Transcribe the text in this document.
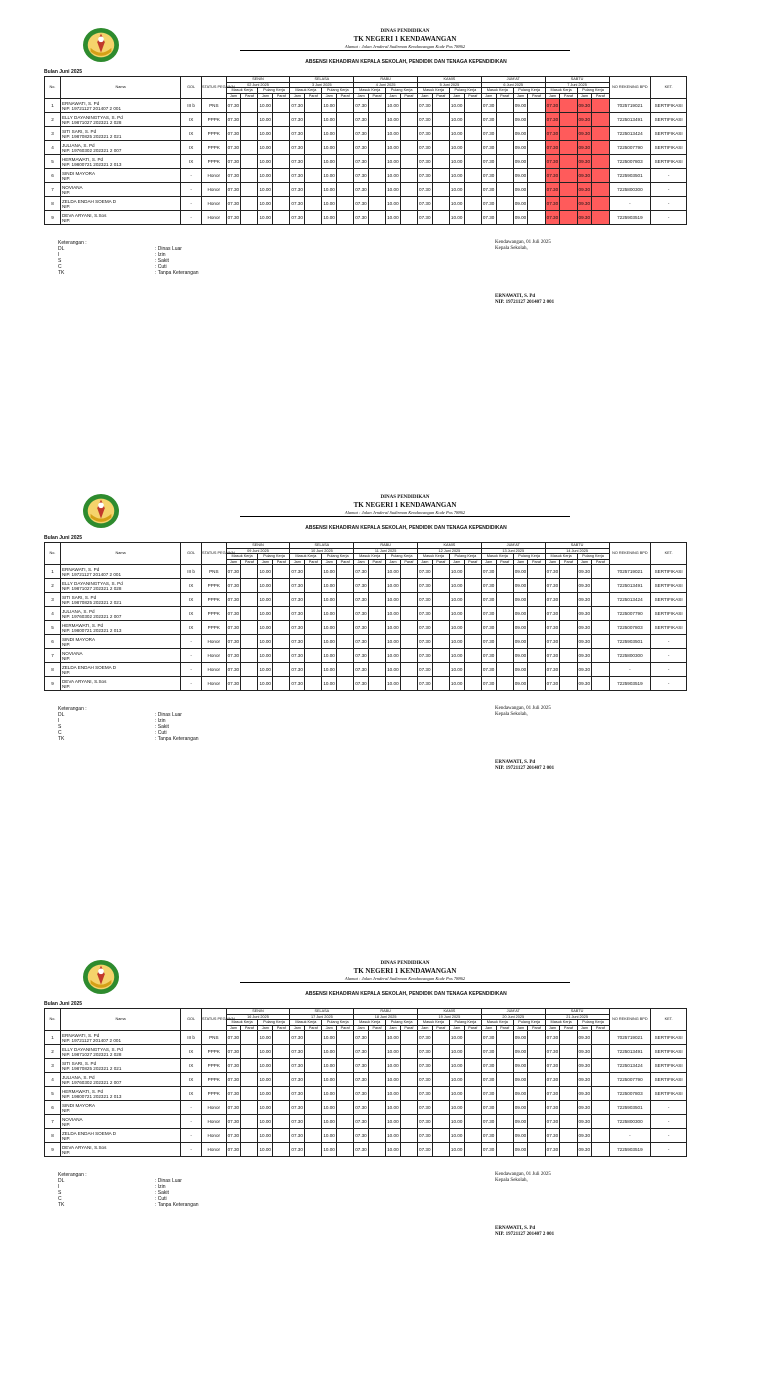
DINAS PENDIDIKAN
TK NEGERI 1 KENDAWANGAN
Alamat : Jalan Jenderal Sudirman Kendawangan Kode Pos 78862
ABSENSI KEHADIRAN KEPALA SEKOLAH, PENDIDIK DAN TENAGA KEPENDIDIKAN
Bulan Juni 2025
No.	Nama	GOL	STATUS PEGAWAI	SENIN				SELASA				RABU				KAMIS				JUM'AT				SABTU				NO REKENING BPD	KET.
				02 Juni 2025				3 Juni 2025				4 Juni 2025				5 Juni 2025				6 Juni 2025				7 Juni 2025					
				Masuk Kerja		Pulang Kerja		Masuk Kerja		Pulang Kerja		Masuk Kerja		Pulang Kerja		Masuk Kerja		Pulang Kerja		Masuk Kerja		Pulang Kerja		Masuk Kerja		Pulang Kerja			
				Jam	Paraf	Jam	Paraf	Jam	Paraf	Jam	Paraf	Jam	Paraf	Jam	Paraf	Jam	Paraf	Jam	Paraf	Jam	Paraf	Jam	Paraf	Jam	Paraf	Jam	Paraf		
1	ERNAWATI, S. Pd
NIP. 19721127 201407 2 001	III b	PNS	07.30		10.00		07.30		10.00		07.30		10.00		07.30		10.00		07.30		09.00		07.30		09.30		7025719021	SERTIFIKASI
2	ELLY DAYANINGTYAS, S. Pd
NIP. 19871027 202321 2 028	IX	PPPK	07.30		10.00		07.30		10.00		07.30		10.00		07.30		10.00		07.30		09.00		07.30		09.30		7225013491	SERTIFIKASI
3	SITI SARI, S. Pd
NIP. 19870825 202321 2 021	IX	PPPK	07.30		10.00		07.30		10.00		07.30		10.00		07.30		10.00		07.30		09.00		07.30		09.30		7225013424	SERTIFIKASI
4	JULIANA, S. Pd
NIP. 19760302 202321 2 007	IX	PPPK	07.30		10.00		07.30		10.00		07.30		10.00		07.30		10.00		07.30		09.00		07.30		09.30		7225007790	SERTIFIKASI
5	HERMAWATI, S. Pd
NIP. 19800721 202321 2 013	IX	PPPK	07.30		10.00		07.30		10.00		07.30		10.00		07.30		10.00		07.30		09.00		07.30		09.30		7225007803	SERTIFIKASI
6	SINDI MAYORA
NIP.	-	Honor	07.30		10.00		07.30		10.00		07.30		10.00		07.30		10.00		07.30		09.00		07.30		09.30		7225903501	-
7	NOVIANA
NIP.	-	Honor	07.30		10.00		07.30		10.00		07.30		10.00		07.30		10.00		07.30		09.00		07.30		09.30		7225800300	-
8	ZELDA ENDAH SOEMA D
NIP.	-	Honor	07.30		10.00		07.30		10.00		07.30		10.00		07.30		10.00		07.30		09.00		07.30		09.30		-	-
9	DEVA ARYANI, S.Sos
NIP.	-	Honor	07.30		10.00		07.30		10.00		07.30		10.00		07.30		10.00		07.30		09.00		07.30		09.30		7225903519	-
Keterangan :
DL	: Dinas Luar
I	: Izin
S	: Sakit
C	: Cuti
TK	: Tanpa Keterangan
Kendawangan, 01 Juli 2025
Kepala Sekolah,
ERNAWATI, S. Pd
NIP. 19721127 201407 2 001
DINAS PENDIDIKAN
TK NEGERI 1 KENDAWANGAN
Alamat : Jalan Jenderal Sudirman Kendawangan Kode Pos 78862
ABSENSI KEHADIRAN KEPALA SEKOLAH, PENDIDIK DAN TENAGA KEPENDIDIKAN
Bulan Juni 2025
No.	Nama	GOL	STATUS PEGAWAI	SENIN				SELASA				RABU				KAMIS				JUM'AT				SABTU				NO REKENING BPD	KET.
				09 Juni 2025				10 Juni 2025				11 Juni 2025				12 Juni 2025				13 Juni 2025				14 Juni 2025					
				Masuk Kerja		Pulang Kerja		Masuk Kerja		Pulang Kerja		Masuk Kerja		Pulang Kerja		Masuk Kerja		Pulang Kerja		Masuk Kerja		Pulang Kerja		Masuk Kerja		Pulang Kerja			
				Jam	Paraf	Jam	Paraf	Jam	Paraf	Jam	Paraf	Jam	Paraf	Jam	Paraf	Jam	Paraf	Jam	Paraf	Jam	Paraf	Jam	Paraf	Jam	Paraf	Jam	Paraf		
1	ERNAWATI, S. Pd
NIP. 19721127 201407 2 001	III b	PNS	07.30		10.00		07.30		10.00		07.30		10.00		07.30		10.00		07.30		09.00		07.30		09.30		7025719021	SERTIFIKASI
2	ELLY DAYANINGTYAS, S. Pd
NIP. 19871027 202321 2 028	IX	PPPK	07.30		10.00		07.30		10.00		07.30		10.00		07.30		10.00		07.30		09.00		07.30		09.30		7225013491	SERTIFIKASI
3	SITI SARI, S. Pd
NIP. 19870825 202321 2 021	IX	PPPK	07.30		10.00		07.30		10.00		07.30		10.00		07.30		10.00		07.30		09.00		07.30		09.30		7225013424	SERTIFIKASI
4	JULIANA, S. Pd
NIP. 19760302 202321 2 007	IX	PPPK	07.30		10.00		07.30		10.00		07.30		10.00		07.30		10.00		07.30		09.00		07.30		09.30		7225007790	SERTIFIKASI
5	HERMAWATI, S. Pd
NIP. 19800721 202321 2 013	IX	PPPK	07.30		10.00		07.30		10.00		07.30		10.00		07.30		10.00		07.30		09.00		07.30		09.30		7225007803	SERTIFIKASI
6	SINDI MAYORA
NIP.	-	Honor	07.30		10.00		07.30		10.00		07.30		10.00		07.30		10.00		07.30		09.00		07.30		09.30		7225903501	-
7	NOVIANA
NIP.	-	Honor	07.30		10.00		07.30		10.00		07.30		10.00		07.30		10.00		07.30		09.00		07.30		09.30		7225800300	-
8	ZELDA ENDAH SOEMA D
NIP.	-	Honor	07.30		10.00		07.30		10.00		07.30		10.00		07.30		10.00		07.30		09.00		07.30		09.30		-	-
9	DEVA ARYANI, S.Sos
NIP.	-	Honor	07.30		10.00		07.30		10.00		07.30		10.00		07.30		10.00		07.30		09.00		07.30		09.30		7225903519	-
Keterangan :
DL	: Dinas Luar
I	: Izin
S	: Sakit
C	: Cuti
TK	: Tanpa Keterangan
Kendawangan, 01 Juli 2025
Kepala Sekolah,
ERNAWATI, S. Pd
NIP. 19721127 201407 2 001
DINAS PENDIDIKAN
TK NEGERI 1 KENDAWANGAN
Alamat : Jalan Jenderal Sudirman Kendawangan Kode Pos 78862
ABSENSI KEHADIRAN KEPALA SEKOLAH, PENDIDIK DAN TENAGA KEPENDIDIKAN
Bulan Juni 2025
No.	Nama	GOL	STATUS PEGAWAI	SENIN				SELASA				RABU				KAMIS				JUM'AT				SABTU				NO REKENING BPD	KET.
				16 Juni 2025				17 Juni 2025				18 Juni 2025				19 Juni 2025				20 Juni 2025				21 Juni 2025					
				Masuk Kerja		Pulang Kerja		Masuk Kerja		Pulang Kerja		Masuk Kerja		Pulang Kerja		Masuk Kerja		Pulang Kerja		Masuk Kerja		Pulang Kerja		Masuk Kerja		Pulang Kerja			
				Jam	Paraf	Jam	Paraf	Jam	Paraf	Jam	Paraf	Jam	Paraf	Jam	Paraf	Jam	Paraf	Jam	Paraf	Jam	Paraf	Jam	Paraf	Jam	Paraf	Jam	Paraf		
1	ERNAWATI, S. Pd
NIP. 19721127 201407 2 001	III b	PNS	07.30		10.00		07.30		10.00		07.30		10.00		07.30		10.00		07.30		09.00		07.30		09.30		7025719021	SERTIFIKASI
2	ELLY DAYANINGTYAS, S. Pd
NIP. 19871027 202321 2 028	IX	PPPK	07.30		10.00		07.30		10.00		07.30		10.00		07.30		10.00		07.30		09.00		07.30		09.30		7225013491	SERTIFIKASI
3	SITI SARI, S. Pd
NIP. 19870825 202321 2 021	IX	PPPK	07.30		10.00		07.30		10.00		07.30		10.00		07.30		10.00		07.30		09.00		07.30		09.30		7225013424	SERTIFIKASI
4	JULIANA, S. Pd
NIP. 19760302 202321 2 007	IX	PPPK	07.30		10.00		07.30		10.00		07.30		10.00		07.30		10.00		07.30		09.00		07.30		09.30		7225007790	SERTIFIKASI
5	HERMAWATI, S. Pd
NIP. 19800721 202321 2 013	IX	PPPK	07.30		10.00		07.30		10.00		07.30		10.00		07.30		10.00		07.30		09.00		07.30		09.30		7225007803	SERTIFIKASI
6	SINDI MAYORA
NIP.	-	Honor	07.30		10.00		07.30		10.00		07.30		10.00		07.30		10.00		07.30		09.00		07.30		09.30		7225903501	-
7	NOVIANA
NIP.	-	Honor	07.30		10.00		07.30		10.00		07.30		10.00		07.30		10.00		07.30		09.00		07.30		09.30		7225800300	-
8	ZELDA ENDAH SOEMA D
NIP.	-	Honor	07.30		10.00		07.30		10.00		07.30		10.00		07.30		10.00		07.30		09.00		07.30		09.30		-	-
9	DEVA ARYANI, S.Sos
NIP.	-	Honor	07.30		10.00		07.30		10.00		07.30		10.00		07.30		10.00		07.30		09.00		07.30		09.30		7225903519	-
Keterangan :
DL	: Dinas Luar
I	: Izin
S	: Sakit
C	: Cuti
TK	: Tanpa Keterangan
Kendawangan, 01 Juli 2025
Kepala Sekolah,
ERNAWATI, S. Pd
NIP. 19721127 201407 2 001
